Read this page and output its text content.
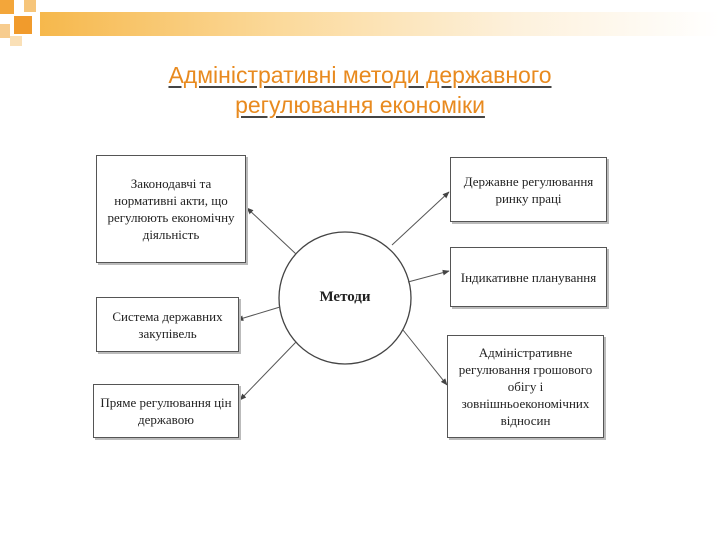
Адміністративні методи державного
регулювання економіки
Методи
Законодавчі та нормативні акти, що регулюють економічну діяльність
Система державних закупівель
Пряме регулювання цін державою
Державне регулювання ринку праці
Індикативне планування
Адміністративне регулювання грошового обігу і зовнішньоекономічних відносин
